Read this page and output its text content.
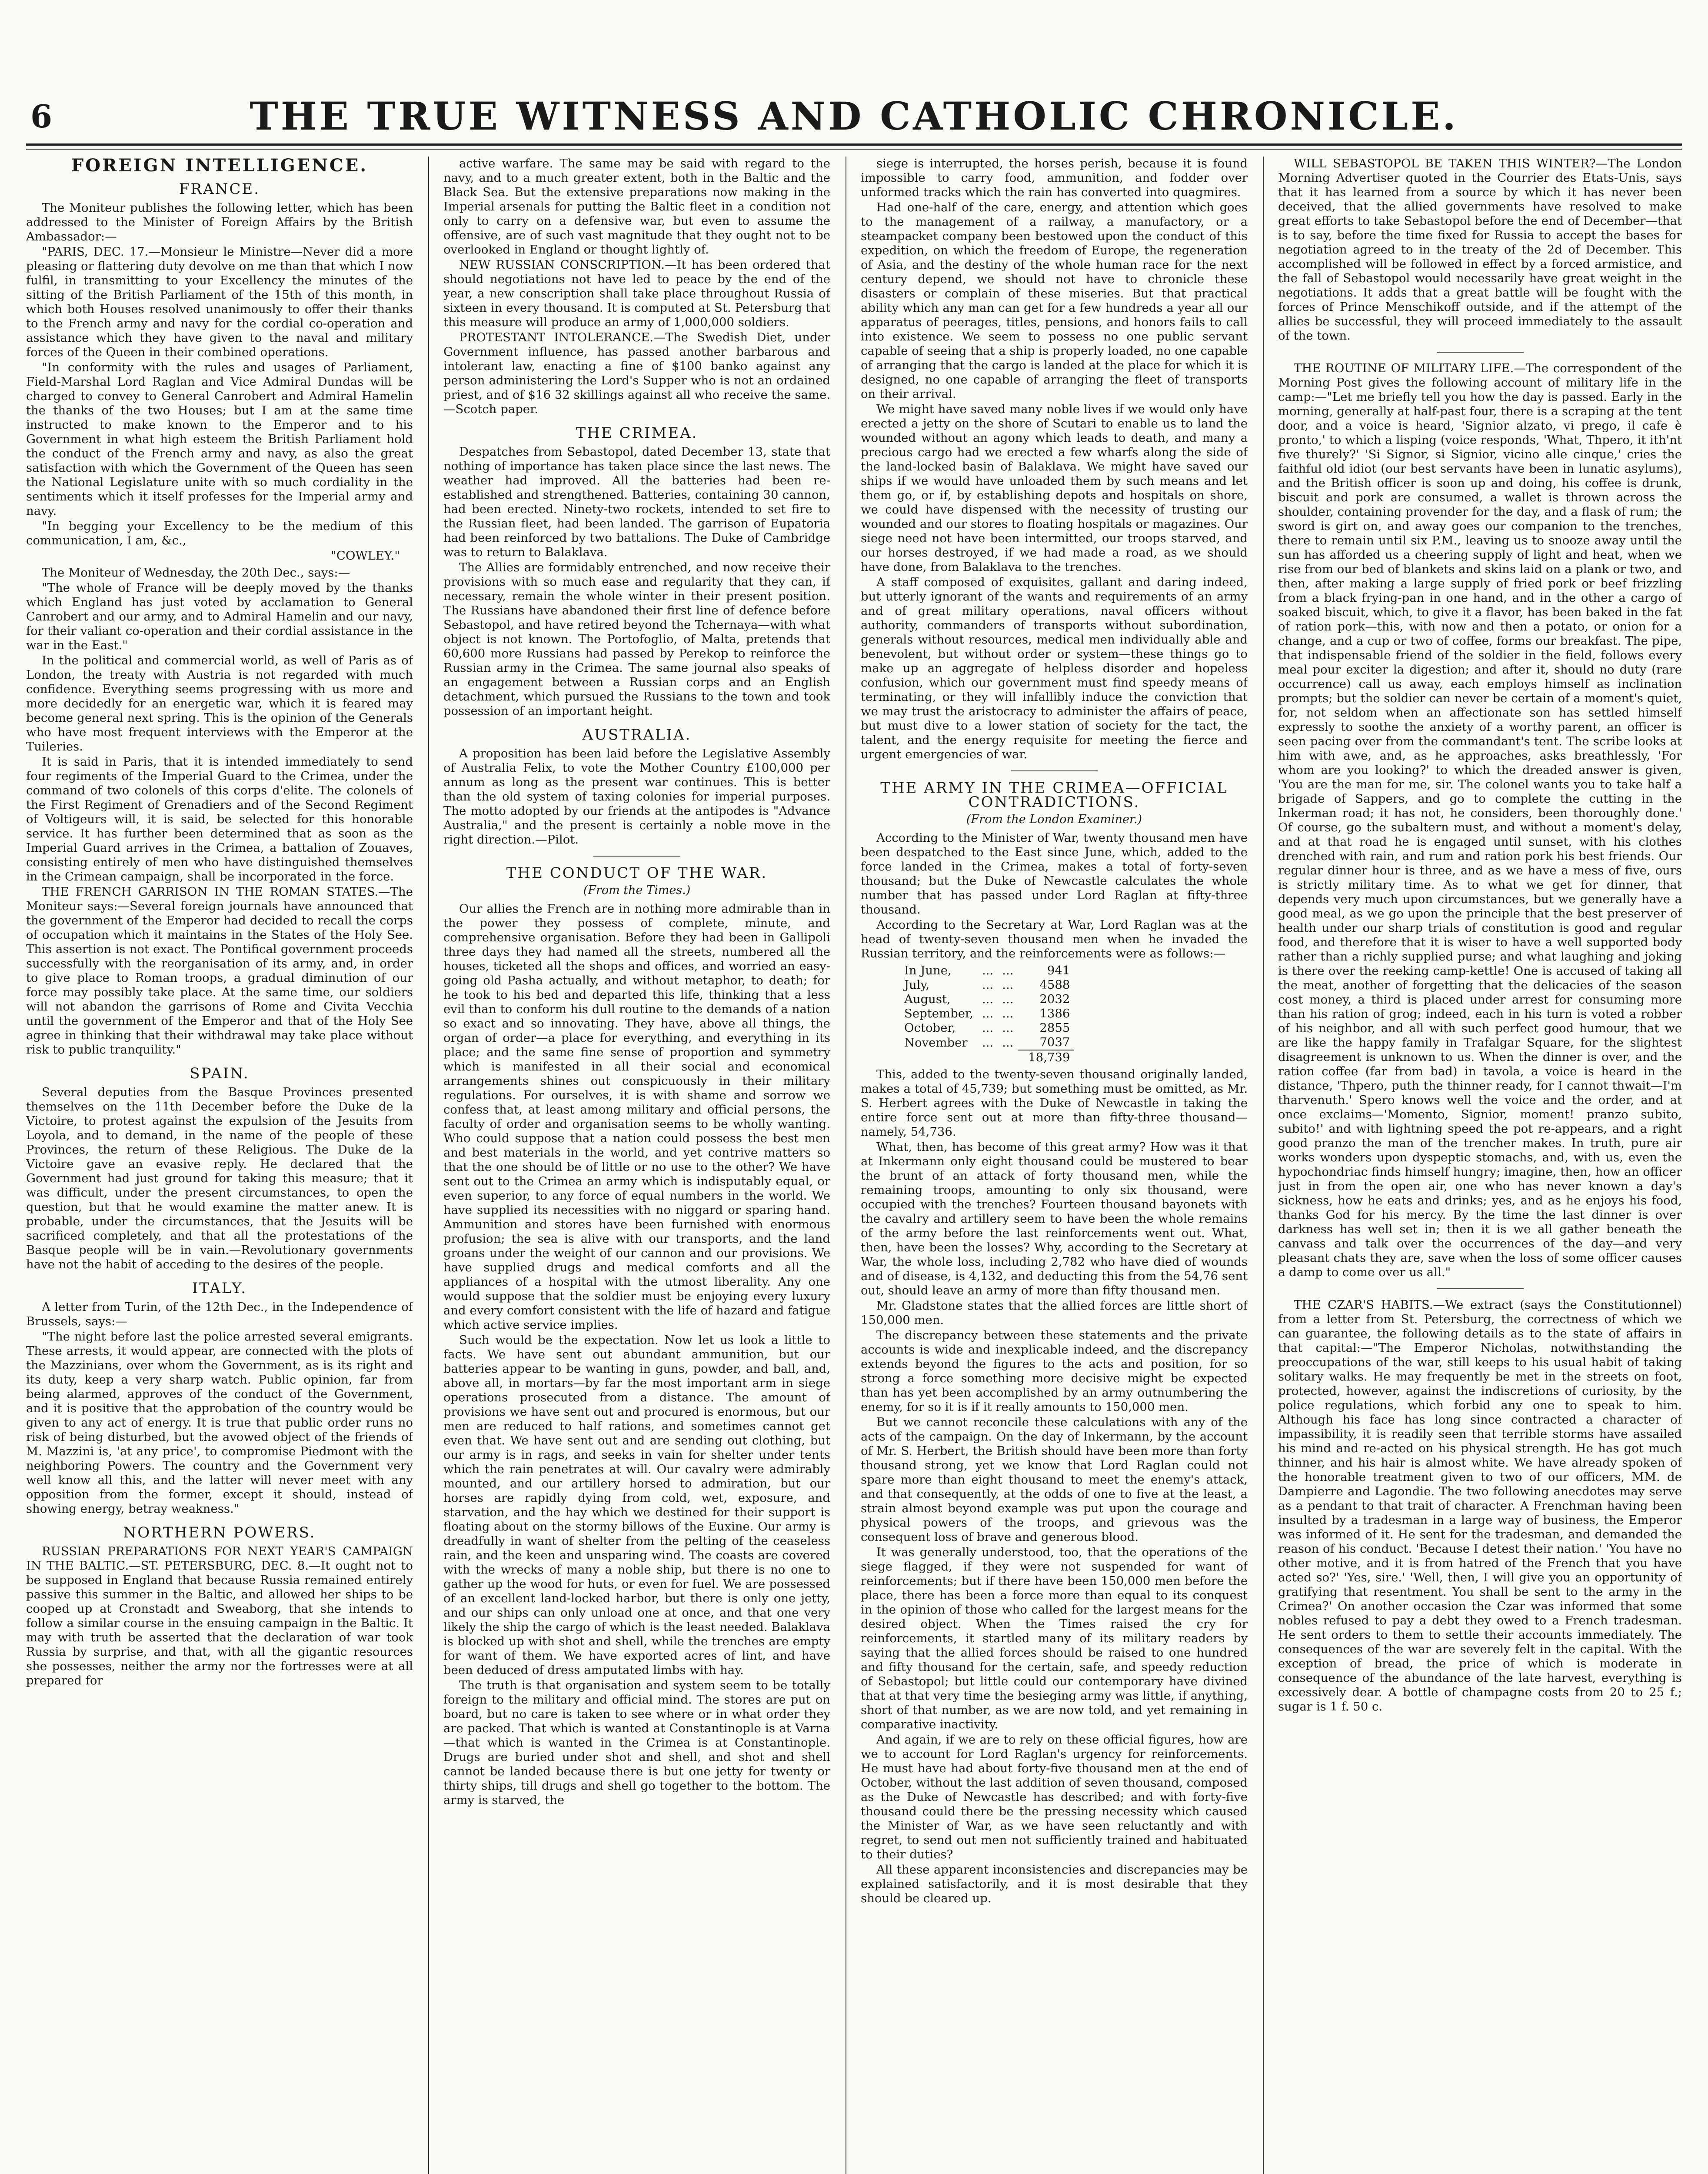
6	THE TRUE WITNESS AND CATHOLIC CHRONICLE.
FOREIGN INTELLIGENCE.
FRANCE.
The Moniteur publishes the following letter, which has been addressed to the Minister of Foreign Affairs by the British Ambassador:—
"PARIS, DEC. 17.—Monsieur le Ministre—Never did a more pleasing or flattering duty devolve on me than that which I now fulfil, in transmitting to your Excellency the minutes of the sitting of the British Parliament of the 15th of this month, in which both Houses resolved unanimously to offer their thanks to the French army and navy for the cordial co-operation and assistance which they have given to the naval and military forces of the Queen in their combined operations.
"In conformity with the rules and usages of Parliament, Field-Marshal Lord Raglan and Vice Admiral Dundas will be charged to convey to General Canrobert and Admiral Hamelin the thanks of the two Houses; but I am at the same time instructed to make known to the Emperor and to his Government in what high esteem the British Parliament hold the conduct of the French army and navy, as also the great satisfaction with which the Government of the Queen has seen the National Legislature unite with so much cordiality in the sentiments which it itself professes for the Imperial army and navy.
"In begging your Excellency to be the medium of this communication, I am, &c.,
"COWLEY."
The Moniteur of Wednesday, the 20th Dec., says:—
"The whole of France will be deeply moved by the thanks which England has just voted by acclamation to General Canrobert and our army, and to Admiral Hamelin and our navy, for their valiant co-operation and their cordial assistance in the war in the East."
In the political and commercial world, as well of Paris as of London, the treaty with Austria is not regarded with much confidence. Everything seems progressing with us more and more decidedly for an energetic war, which it is feared may become general next spring. This is the opinion of the Generals who have most frequent interviews with the Emperor at the Tuileries.
It is said in Paris, that it is intended immediately to send four regiments of the Imperial Guard to the Crimea, under the command of two colonels of this corps d'elite. The colonels of the First Regiment of Grenadiers and of the Second Regiment of Voltigeurs will, it is said, be selected for this honorable service. It has further been determined that as soon as the Imperial Guard arrives in the Crimea, a battalion of Zouaves, consisting entirely of men who have distinguished themselves in the Crimean campaign, shall be incorporated in the force.
THE FRENCH GARRISON IN THE ROMAN STATES.—The Moniteur says:—Several foreign journals have announced that the government of the Emperor had decided to recall the corps of occupation which it maintains in the States of the Holy See. This assertion is not exact. The Pontifical government proceeds successfully with the reorganisation of its army, and, in order to give place to Roman troops, a gradual diminution of our force may possibly take place. At the same time, our soldiers will not abandon the garrisons of Rome and Civita Vecchia until the government of the Emperor and that of the Holy See agree in thinking that their withdrawal may take place without risk to public tranquility."
SPAIN.
Several deputies from the Basque Provinces presented themselves on the 11th December before the Duke de la Victoire, to protest against the expulsion of the Jesuits from Loyola, and to demand, in the name of the people of these Provinces, the return of these Religious. The Duke de la Victoire gave an evasive reply. He declared that the Government had just ground for taking this measure; that it was difficult, under the present circumstances, to open the question, but that he would examine the matter anew. It is probable, under the circumstances, that the Jesuits will be sacrificed completely, and that all the protestations of the Basque people will be in vain.—Revolutionary governments have not the habit of acceding to the desires of the people.
ITALY.
A letter from Turin, of the 12th Dec., in the Independence of Brussels, says:—
"The night before last the police arrested several emigrants. These arrests, it would appear, are connected with the plots of the Mazzinians, over whom the Government, as is its right and its duty, keep a very sharp watch. Public opinion, far from being alarmed, approves of the conduct of the Government, and it is positive that the approbation of the country would be given to any act of energy. It is true that public order runs no risk of being disturbed, but the avowed object of the friends of M. Mazzini is, 'at any price', to compromise Piedmont with the neighboring Powers. The country and the Government very well know all this, and the latter will never meet with any opposition from the former, except it should, instead of showing energy, betray weakness."
NORTHERN POWERS.
RUSSIAN PREPARATIONS FOR NEXT YEAR'S CAMPAIGN IN THE BALTIC.—ST. PETERSBURG, DEC. 8.—It ought not to be supposed in England that because Russia remained entirely passive this summer in the Baltic, and allowed her ships to be cooped up at Cronstadt and Sweaborg, that she intends to follow a similar course in the ensuing campaign in the Baltic. It may with truth be asserted that the declaration of war took Russia by surprise, and that, with all the gigantic resources she possesses, neither the army nor the fortresses were at all prepared for
active warfare. The same may be said with regard to the navy, and to a much greater extent, both in the Baltic and the Black Sea. But the extensive preparations now making in the Imperial arsenals for putting the Baltic fleet in a condition not only to carry on a defensive war, but even to assume the offensive, are of such vast magnitude that they ought not to be overlooked in England or thought lightly of.
NEW RUSSIAN CONSCRIPTION.—It has been ordered that should negotiations not have led to peace by the end of the year, a new conscription shall take place throughout Russia of sixteen in every thousand. It is computed at St. Petersburg that this measure will produce an army of 1,000,000 soldiers.
PROTESTANT INTOLERANCE.—The Swedish Diet, under Government influence, has passed another barbarous and intolerant law, enacting a fine of $100 banko against any person administering the Lord's Supper who is not an ordained priest, and of $16 32 skillings against all who receive the same.—Scotch paper.
THE CRIMEA.
Despatches from Sebastopol, dated December 13, state that nothing of importance has taken place since the last news. The weather had improved. All the batteries had been re-established and strengthened. Batteries, containing 30 cannon, had been erected. Ninety-two rockets, intended to set fire to the Russian fleet, had been landed. The garrison of Eupatoria had been reinforced by two battalions. The Duke of Cambridge was to return to Balaklava.
The Allies are formidably entrenched, and now receive their provisions with so much ease and regularity that they can, if necessary, remain the whole winter in their present position. The Russians have abandoned their first line of defence before Sebastopol, and have retired beyond the Tchernaya—with what object is not known. The Portofoglio, of Malta, pretends that 60,600 more Russians had passed by Perekop to reinforce the Russian army in the Crimea. The same journal also speaks of an engagement between a Russian corps and an English detachment, which pursued the Russians to the town and took possession of an important height.
AUSTRALIA.
A proposition has been laid before the Legislative Assembly of Australia Felix, to vote the Mother Country £100,000 per annum as long as the present war continues. This is better than the old system of taxing colonies for imperial purposes. The motto adopted by our friends at the antipodes is "Advance Australia," and the present is certainly a noble move in the right direction.—Pilot.
THE CONDUCT OF THE WAR.
(From the Times.)
Our allies the French are in nothing more admirable than in the power they possess of complete, minute, and comprehensive organisation. Before they had been in Gallipoli three days they had named all the streets, numbered all the houses, ticketed all the shops and offices, and worried an easy-going old Pasha actually, and without metaphor, to death; for he took to his bed and departed this life, thinking that a less evil than to conform his dull routine to the demands of a nation so exact and so innovating. They have, above all things, the organ of order—a place for everything, and everything in its place; and the same fine sense of proportion and symmetry which is manifested in all their social and economical arrangements shines out conspicuously in their military regulations. For ourselves, it is with shame and sorrow we confess that, at least among military and official persons, the faculty of order and organisation seems to be wholly wanting. Who could suppose that a nation could possess the best men and best materials in the world, and yet contrive matters so that the one should be of little or no use to the other? We have sent out to the Crimea an army which is indisputably equal, or even superior, to any force of equal numbers in the world. We have supplied its necessities with no niggard or sparing hand. Ammunition and stores have been furnished with enormous profusion; the sea is alive with our transports, and the land groans under the weight of our cannon and our provisions. We have supplied drugs and medical comforts and all the appliances of a hospital with the utmost liberality. Any one would suppose that the soldier must be enjoying every luxury and every comfort consistent with the life of hazard and fatigue which active service implies.
Such would be the expectation. Now let us look a little to facts. We have sent out abundant ammunition, but our batteries appear to be wanting in guns, powder, and ball, and, above all, in mortars—by far the most important arm in siege operations prosecuted from a distance. The amount of provisions we have sent out and procured is enormous, but our men are reduced to half rations, and sometimes cannot get even that. We have sent out and are sending out clothing, but our army is in rags, and seeks in vain for shelter under tents which the rain penetrates at will. Our cavalry were admirably mounted, and our artillery horsed to admiration, but our horses are rapidly dying from cold, wet, exposure, and starvation, and the hay which we destined for their support is floating about on the stormy billows of the Euxine. Our army is dreadfully in want of shelter from the pelting of the ceaseless rain, and the keen and unsparing wind. The coasts are covered with the wrecks of many a noble ship, but there is no one to gather up the wood for huts, or even for fuel. We are possessed of an excellent land-locked harbor, but there is only one jetty, and our ships can only unload one at once, and that one very likely the ship the cargo of which is the least needed. Balaklava is blocked up with shot and shell, while the trenches are empty for want of them. We have exported acres of lint, and have been deduced of dress amputated limbs with hay.
The truth is that organisation and system seem to be totally foreign to the military and official mind. The stores are put on board, but no care is taken to see where or in what order they are packed. That which is wanted at Constantinople is at Varna—that which is wanted in the Crimea is at Constantinople. Drugs are buried under shot and shell, and shot and shell cannot be landed because there is but one jetty for twenty or thirty ships, till drugs and shell go together to the bottom. The army is starved, the
siege is interrupted, the horses perish, because it is found impossible to carry food, ammunition, and fodder over unformed tracks which the rain has converted into quagmires.
Had one-half of the care, energy, and attention which goes to the management of a railway, a manufactory, or a steampacket company been bestowed upon the conduct of this expedition, on which the freedom of Europe, the regeneration of Asia, and the destiny of the whole human race for the next century depend, we should not have to chronicle these disasters or complain of these miseries. But that practical ability which any man can get for a few hundreds a year all our apparatus of peerages, titles, pensions, and honors fails to call into existence. We seem to possess no one public servant capable of seeing that a ship is properly loaded, no one capable of arranging that the cargo is landed at the place for which it is designed, no one capable of arranging the fleet of transports on their arrival.
We might have saved many noble lives if we would only have erected a jetty on the shore of Scutari to enable us to land the wounded without an agony which leads to death, and many a precious cargo had we erected a few wharfs along the side of the land-locked basin of Balaklava. We might have saved our ships if we would have unloaded them by such means and let them go, or if, by establishing depots and hospitals on shore, we could have dispensed with the necessity of trusting our wounded and our stores to floating hospitals or magazines. Our siege need not have been intermitted, our troops starved, and our horses destroyed, if we had made a road, as we should have done, from Balaklava to the trenches.
A staff composed of exquisites, gallant and daring indeed, but utterly ignorant of the wants and requirements of an army and of great military operations, naval officers without authority, commanders of transports without subordination, generals without resources, medical men individually able and benevolent, but without order or system—these things go to make up an aggregate of helpless disorder and hopeless confusion, which our government must find speedy means of terminating, or they will infallibly induce the conviction that we may trust the aristocracy to administer the affairs of peace, but must dive to a lower station of society for the tact, the talent, and the energy requisite for meeting the fierce and urgent emergencies of war.
THE ARMY IN THE CRIMEA—OFFICIAL CONTRADICTIONS.
(From the London Examiner.)
According to the Minister of War, twenty thousand men have been despatched to the East since June, which, added to the force landed in the Crimea, makes a total of forty-seven thousand; but the Duke of Newcastle calculates the whole number that has passed under Lord Raglan at fifty-three thousand.
According to the Secretary at War, Lord Raglan was at the head of twenty-seven thousand men when he invaded the Russian territory, and the reinforcements were as follows:—
In June,	...	...	941
July,	...	...	4588
August,	...	...	2032
September,	...	...	1386
October,	...	...	2855
November	...	...	7037
			18,739
This, added to the twenty-seven thousand originally landed, makes a total of 45,739; but something must be omitted, as Mr. S. Herbert agrees with the Duke of Newcastle in taking the entire force sent out at more than fifty-three thousand—namely, 54,736.
What, then, has become of this great army? How was it that at Inkermann only eight thousand could be mustered to bear the brunt of an attack of forty thousand men, while the remaining troops, amounting to only six thousand, were occupied with the trenches? Fourteen thousand bayonets with the cavalry and artillery seem to have been the whole remains of the army before the last reinforcements went out. What, then, have been the losses? Why, according to the Secretary at War, the whole loss, including 2,782 who have died of wounds and of disease, is 4,132, and deducting this from the 54,76 sent out, should leave an army of more than fifty thousand men.
Mr. Gladstone states that the allied forces are little short of 150,000 men.
The discrepancy between these statements and the private accounts is wide and inexplicable indeed, and the discrepancy extends beyond the figures to the acts and position, for so strong a force something more decisive might be expected than has yet been accomplished by an army outnumbering the enemy, for so it is if it really amounts to 150,000 men.
But we cannot reconcile these calculations with any of the acts of the campaign. On the day of Inkermann, by the account of Mr. S. Herbert, the British should have been more than forty thousand strong, yet we know that Lord Raglan could not spare more than eight thousand to meet the enemy's attack, and that consequently, at the odds of one to five at the least, a strain almost beyond example was put upon the courage and physical powers of the troops, and grievous was the consequent loss of brave and generous blood.
It was generally understood, too, that the operations of the siege flagged, if they were not suspended for want of reinforcements; but if there have been 150,000 men before the place, there has been a force more than equal to its conquest in the opinion of those who called for the largest means for the desired object. When the Times raised the cry for reinforcements, it startled many of its military readers by saying that the allied forces should be raised to one hundred and fifty thousand for the certain, safe, and speedy reduction of Sebastopol; but little could our contemporary have divined that at that very time the besieging army was little, if anything, short of that number, as we are now told, and yet remaining in comparative inactivity.
And again, if we are to rely on these official figures, how are we to account for Lord Raglan's urgency for reinforcements. He must have had about forty-five thousand men at the end of October, without the last addition of seven thousand, composed as the Duke of Newcastle has described; and with forty-five thousand could there be the pressing necessity which caused the Minister of War, as we have seen reluctantly and with regret, to send out men not sufficiently trained and habituated to their duties?
All these apparent inconsistencies and discrepancies may be explained satisfactorily, and it is most desirable that they should be cleared up.
WILL SEBASTOPOL BE TAKEN THIS WINTER?—The London Morning Advertiser quoted in the Courrier des Etats-Unis, says that it has learned from a source by which it has never been deceived, that the allied governments have resolved to make great efforts to take Sebastopol before the end of December—that is to say, before the time fixed for Russia to accept the bases for negotiation agreed to in the treaty of the 2d of December. This accomplished will be followed in effect by a forced armistice, and the fall of Sebastopol would necessarily have great weight in the negotiations. It adds that a great battle will be fought with the forces of Prince Menschikoff outside, and if the attempt of the allies be successful, they will proceed immediately to the assault of the town.
THE ROUTINE OF MILITARY LIFE.—The correspondent of the Morning Post gives the following account of military life in the camp:—"Let me briefly tell you how the day is passed. Early in the morning, generally at half-past four, there is a scraping at the tent door, and a voice is heard, 'Signior alzato, vi prego, il cafe è pronto,' to which a lisping (voice responds, 'What, Thpero, it ith'nt five thurely?' 'Si Signor, si Signior, vicino alle cinque,' cries the faithful old idiot (our best servants have been in lunatic asylums), and the British officer is soon up and doing, his coffee is drunk, biscuit and pork are consumed, a wallet is thrown across the shoulder, containing provender for the day, and a flask of rum; the sword is girt on, and away goes our companion to the trenches, there to remain until six P.M., leaving us to snooze away until the sun has afforded us a cheering supply of light and heat, when we rise from our bed of blankets and skins laid on a plank or two, and then, after making a large supply of fried pork or beef frizzling from a black frying-pan in one hand, and in the other a cargo of soaked biscuit, which, to give it a flavor, has been baked in the fat of ration pork—this, with now and then a potato, or onion for a change, and a cup or two of coffee, forms our breakfast. The pipe, that indispensable friend of the soldier in the field, follows every meal pour exciter la digestion; and after it, should no duty (rare occurrence) call us away, each employs himself as inclination prompts; but the soldier can never be certain of a moment's quiet, for, not seldom when an affectionate son has settled himself expressly to soothe the anxiety of a worthy parent, an officer is seen pacing over from the commandant's tent. The scribe looks at him with awe, and, as he approaches, asks breathlessly, 'For whom are you looking?' to which the dreaded answer is given, 'You are the man for me, sir. The colonel wants you to take half a brigade of Sappers, and go to complete the cutting in the Inkerman road; it has not, he considers, been thoroughly done.' Of course, go the subaltern must, and without a moment's delay, and at that road he is engaged until sunset, with his clothes drenched with rain, and rum and ration pork his best friends. Our regular dinner hour is three, and as we have a mess of five, ours is strictly military time. As to what we get for dinner, that depends very much upon circumstances, but we generally have a good meal, as we go upon the principle that the best preserver of health under our sharp trials of constitution is good and regular food, and therefore that it is wiser to have a well supported body rather than a richly supplied purse; and what laughing and joking is there over the reeking camp-kettle! One is accused of taking all the meat, another of forgetting that the delicacies of the season cost money, a third is placed under arrest for consuming more than his ration of grog; indeed, each in his turn is voted a robber of his neighbor, and all with such perfect good humour, that we are like the happy family in Trafalgar Square, for the slightest disagreement is unknown to us. When the dinner is over, and the ration coffee (far from bad) in tavola, a voice is heard in the distance, 'Thpero, puth the thinner ready, for I cannot thwait—I'm tharvenuth.' Spero knows well the voice and the order, and at once exclaims—'Momento, Signior, moment! pranzo subito, subito!' and with lightning speed the pot re-appears, and a right good pranzo the man of the trencher makes. In truth, pure air works wonders upon dyspeptic stomachs, and, with us, even the hypochondriac finds himself hungry; imagine, then, how an officer just in from the open air, one who has never known a day's sickness, how he eats and drinks; yes, and as he enjoys his food, thanks God for his mercy. By the time the last dinner is over darkness has well set in; then it is we all gather beneath the canvass and talk over the occurrences of the day—and very pleasant chats they are, save when the loss of some officer causes a damp to come over us all."
THE CZAR'S HABITS.—We extract (says the Constitutionnel) from a letter from St. Petersburg, the correctness of which we can guarantee, the following details as to the state of affairs in that capital:—"The Emperor Nicholas, notwithstanding the preoccupations of the war, still keeps to his usual habit of taking solitary walks. He may frequently be met in the streets on foot, protected, however, against the indiscretions of curiosity, by the police regulations, which forbid any one to speak to him. Although his face has long since contracted a character of impassibility, it is readily seen that terrible storms have assailed his mind and re-acted on his physical strength. He has got much thinner, and his hair is almost white. We have already spoken of the honorable treatment given to two of our officers, MM. de Dampierre and Lagondie. The two following anecdotes may serve as a pendant to that trait of character. A Frenchman having been insulted by a tradesman in a large way of business, the Emperor was informed of it. He sent for the tradesman, and demanded the reason of his conduct. 'Because I detest their nation.' 'You have no other motive, and it is from hatred of the French that you have acted so?' 'Yes, sire.' 'Well, then, I will give you an opportunity of gratifying that resentment. You shall be sent to the army in the Crimea?' On another occasion the Czar was informed that some nobles refused to pay a debt they owed to a French tradesman. He sent orders to them to settle their accounts immediately. The consequences of the war are severely felt in the capital. With the exception of bread, the price of which is moderate in consequence of the abundance of the late harvest, everything is excessively dear. A bottle of champagne costs from 20 to 25 f.; sugar is 1 f. 50 c.
